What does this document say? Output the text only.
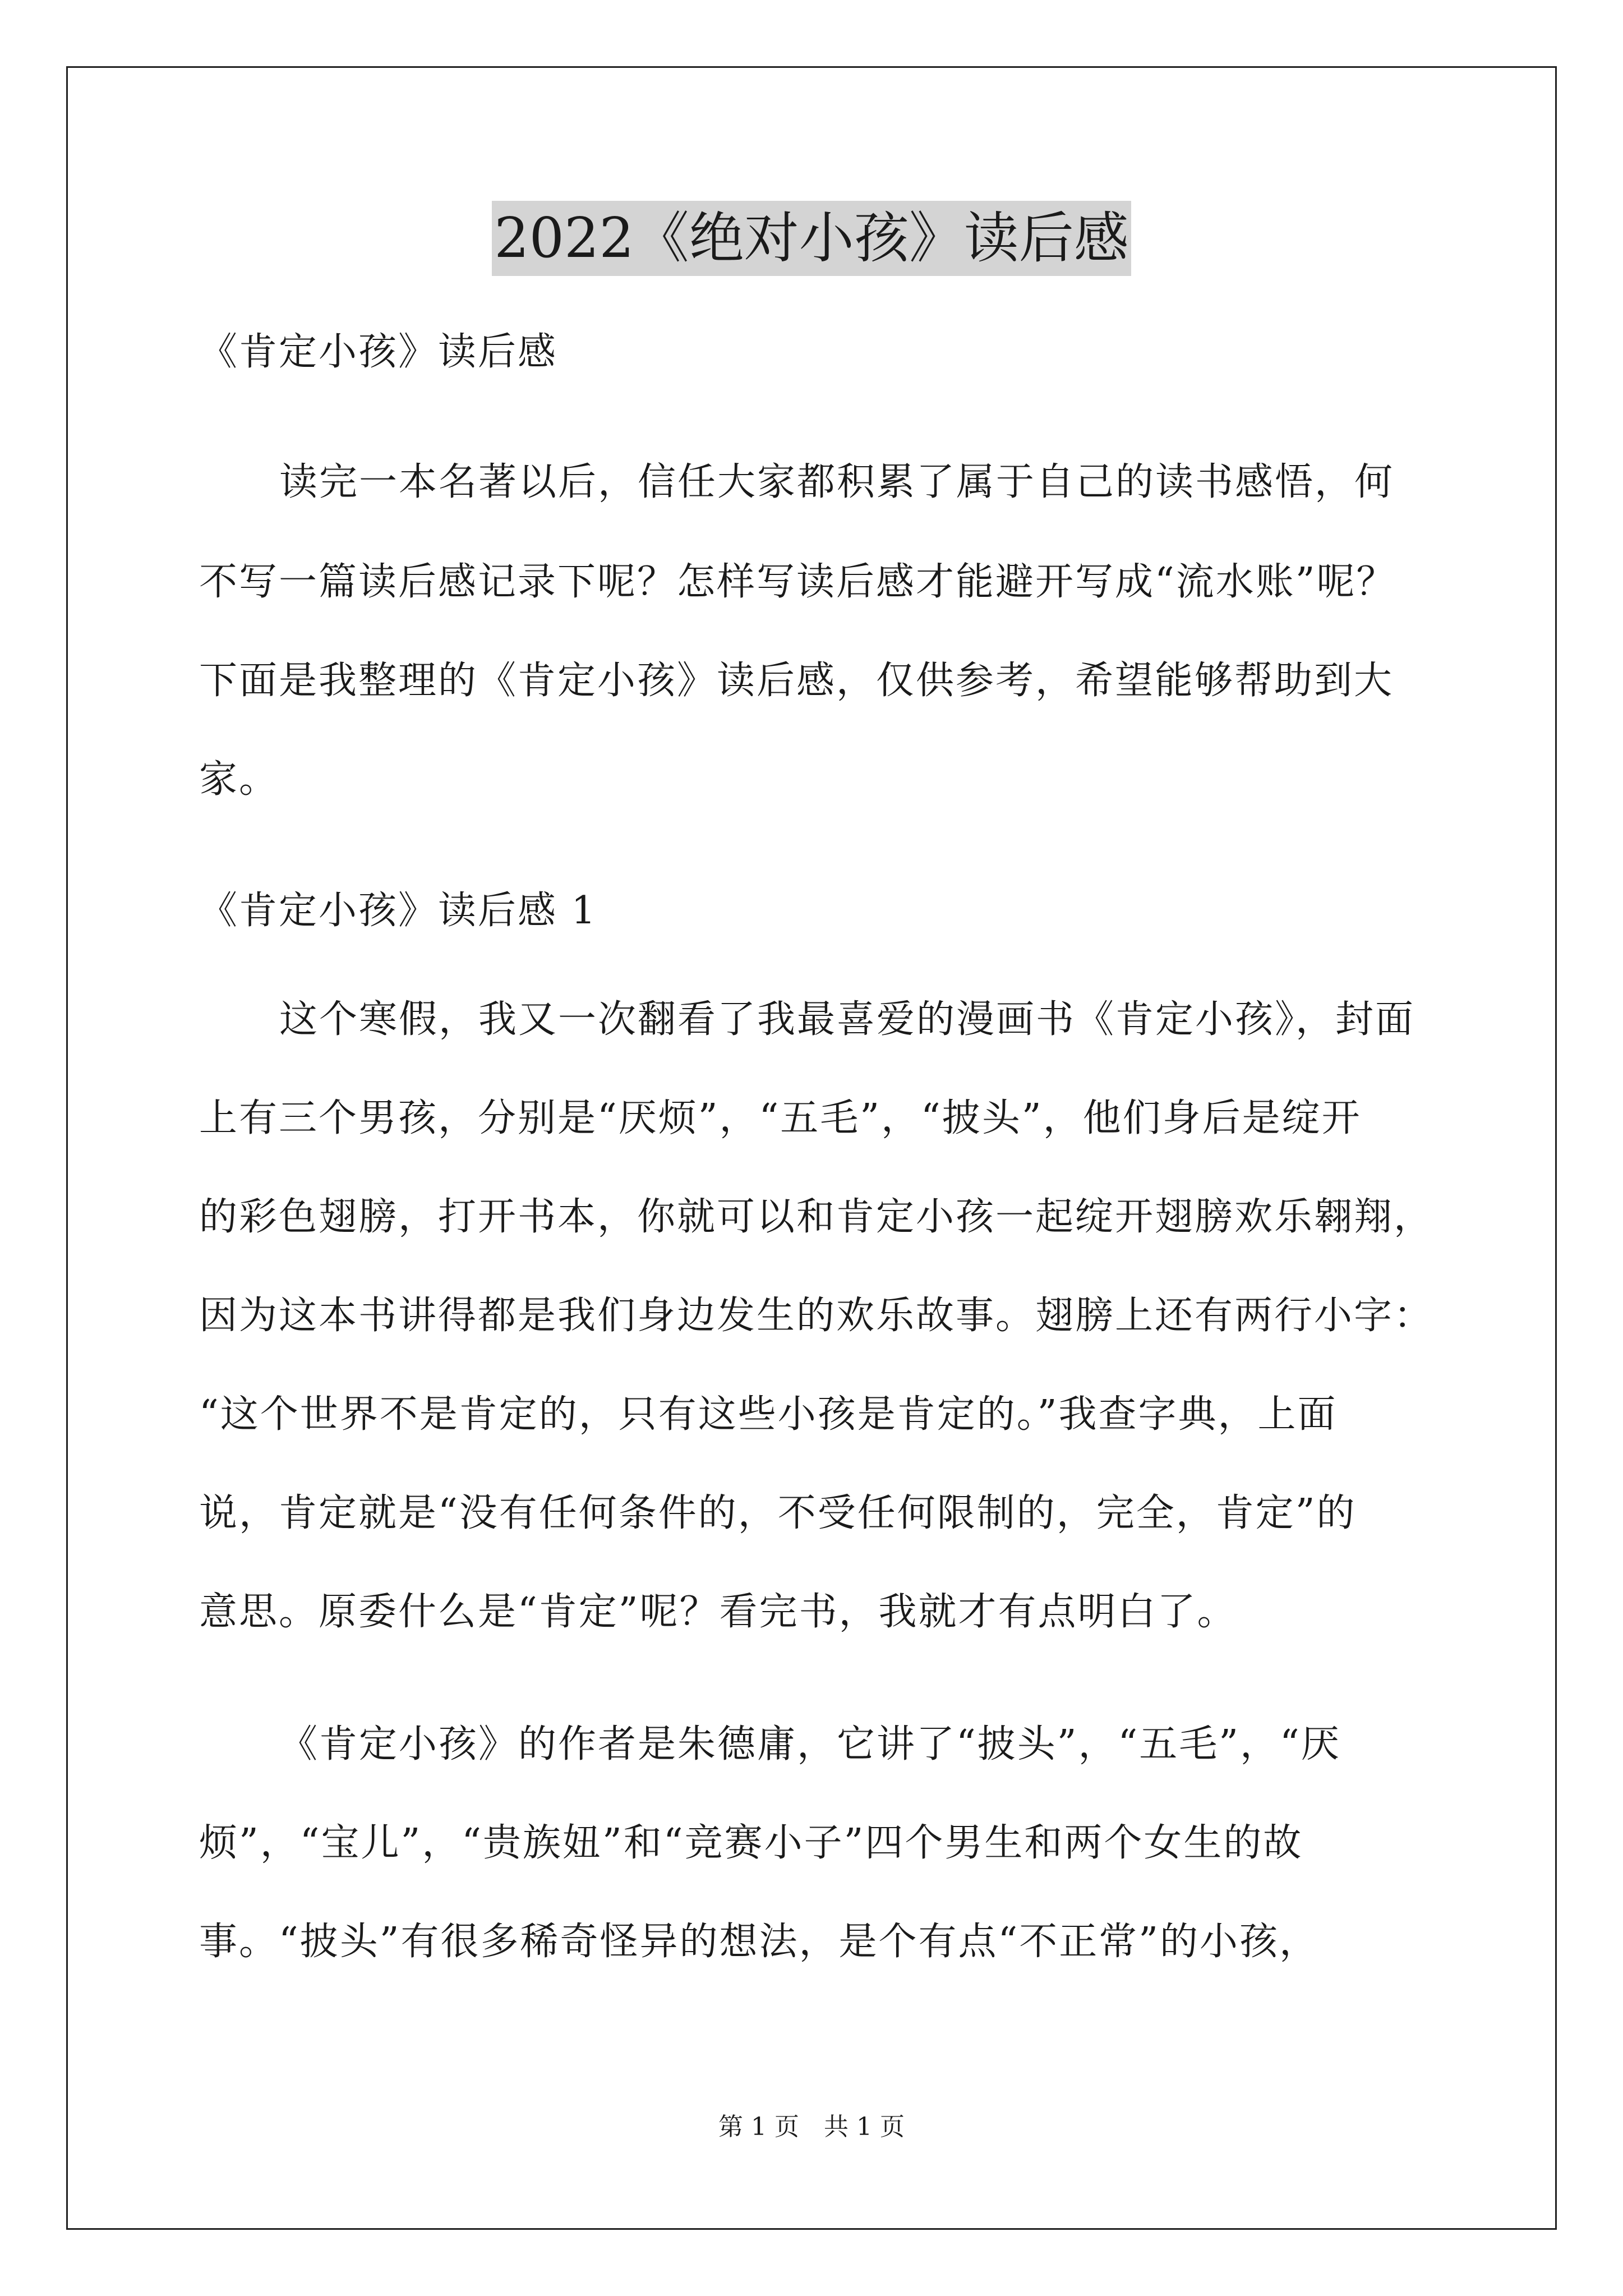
2022《绝对小孩》读后感

《肯定小孩》读后感

读完一本名著以后，信任大家都积累了属于自己的读书感悟，何

不写一篇读后感记录下呢？怎样写读后感才能避开写成“流水账”呢？

下面是我整理的《肯定小孩》读后感，仅供参考，希望能够帮助到大

家。

《肯定小孩》读后感 1

这个寒假，我又一次翻看了我最喜爱的漫画书《肯定小孩》，封面

上有三个男孩，分别是“厌烦”，“五毛”，“披头”，他们身后是绽开

的彩色翅膀，打开书本，你就可以和肯定小孩一起绽开翅膀欢乐翱翔，

因为这本书讲得都是我们身边发生的欢乐故事。翅膀上还有两行小字：

“这个世界不是肯定的，只有这些小孩是肯定的。”我查字典，上面

说，肯定就是“没有任何条件的，不受任何限制的，完全，肯定”的

意思。原委什么是“肯定”呢？看完书，我就才有点明白了。

《肯定小孩》的作者是朱德庸，它讲了“披头”，“五毛”，“厌

烦”，“宝儿”，“贵族妞”和“竞赛小子”四个男生和两个女生的故

事。“披头”有很多稀奇怪异的想法，是个有点“不正常”的小孩，

第 1 页 共 1 页
